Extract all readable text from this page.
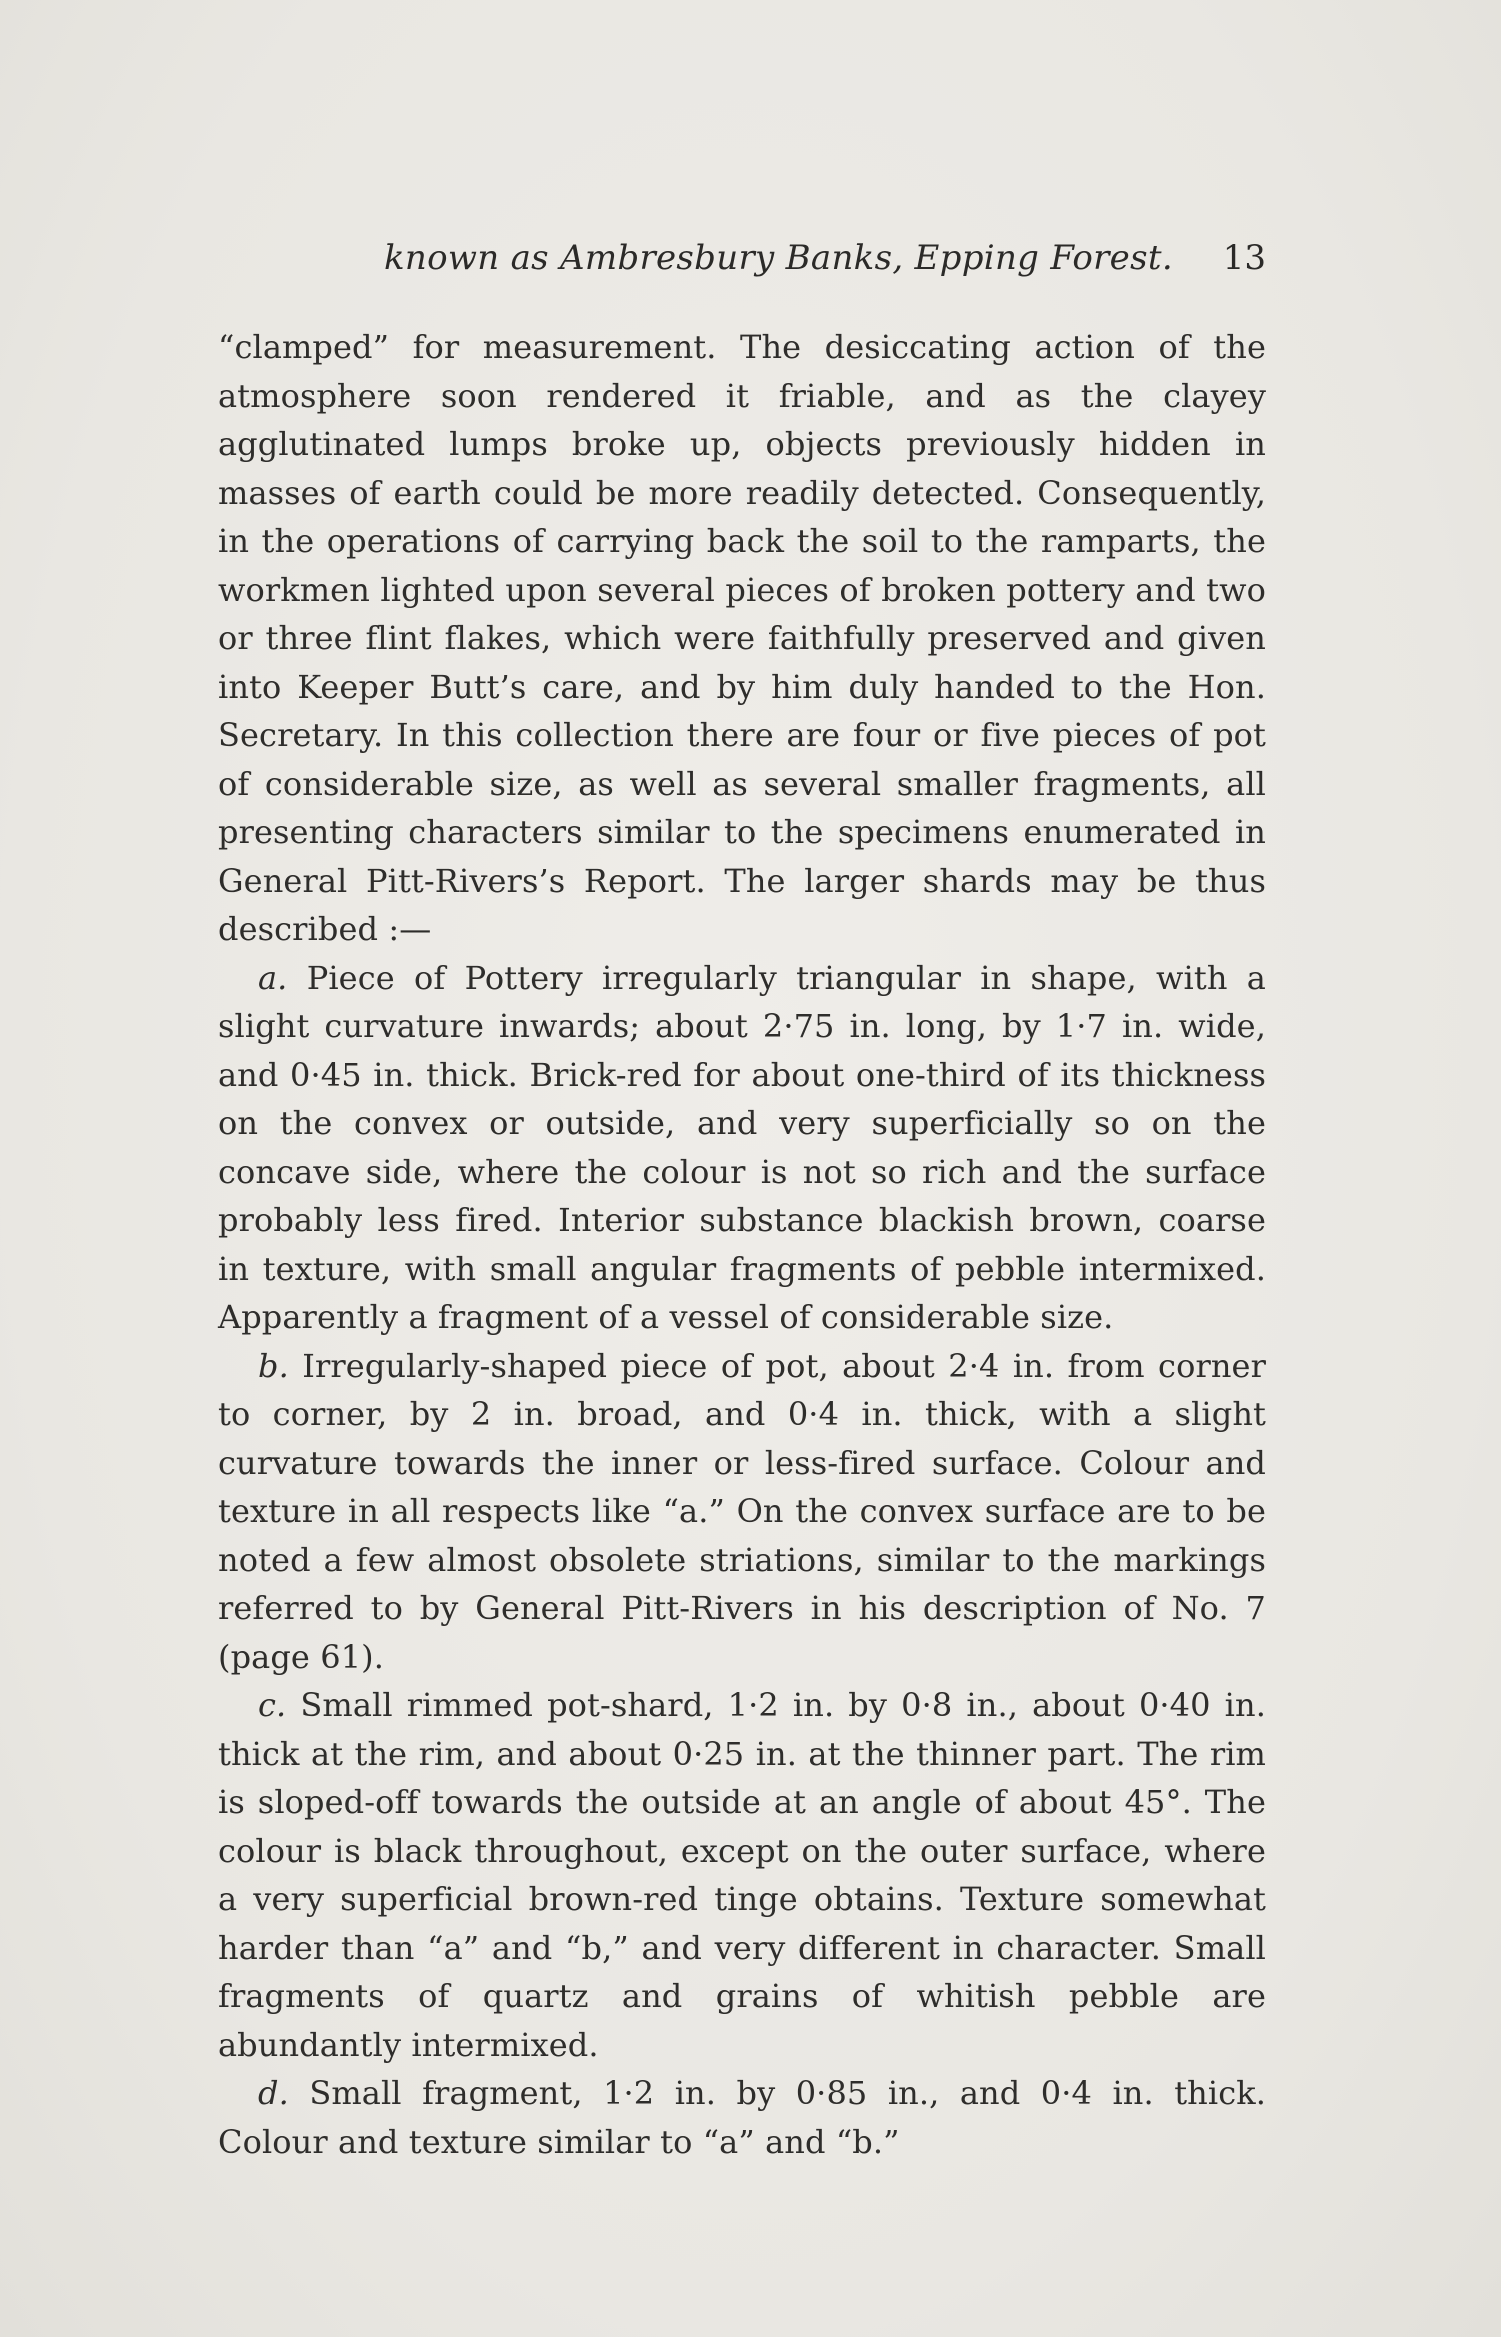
known as Ambresbury Banks, Epping Forest. 13

“clamped” for measurement. The desiccating action of the atmosphere soon rendered it friable, and as the clayey agglutinated lumps broke up, objects previously hidden in masses of earth could be more readily detected. Consequently, in the operations of carrying back the soil to the ramparts, the workmen lighted upon several pieces of broken pottery and two or three flint flakes, which were faithfully preserved and given into Keeper Butt’s care, and by him duly handed to the Hon. Secretary. In this collection there are four or five pieces of pot of considerable size, as well as several smaller fragments, all presenting characters similar to the specimens enumerated in General Pitt-Rivers’s Report. The larger shards may be thus described :—

a. Piece of Pottery irregularly triangular in shape, with a slight curvature inwards; about 2·75 in. long, by 1·7 in. wide, and 0·45 in. thick. Brick-red for about one-third of its thickness on the convex or outside, and very superficially so on the concave side, where the colour is not so rich and the surface probably less fired. Interior substance blackish brown, coarse in texture, with small angular fragments of pebble intermixed. Apparently a fragment of a vessel of considerable size.

b. Irregularly-shaped piece of pot, about 2·4 in. from corner to corner, by 2 in. broad, and 0·4 in. thick, with a slight curvature towards the inner or less-fired surface. Colour and texture in all respects like “a.” On the convex surface are to be noted a few almost obsolete striations, similar to the markings referred to by General Pitt-Rivers in his description of No. 7 (page 61).

c. Small rimmed pot-shard, 1·2 in. by 0·8 in., about 0·40 in. thick at the rim, and about 0·25 in. at the thinner part. The rim is sloped-off towards the outside at an angle of about 45°. The colour is black throughout, except on the outer surface, where a very superficial brown-red tinge obtains. Texture somewhat harder than “a” and “b,” and very different in character. Small fragments of quartz and grains of whitish pebble are abundantly intermixed.

d. Small fragment, 1·2 in. by 0·85 in., and 0·4 in. thick. Colour and texture similar to “a” and “b.”
